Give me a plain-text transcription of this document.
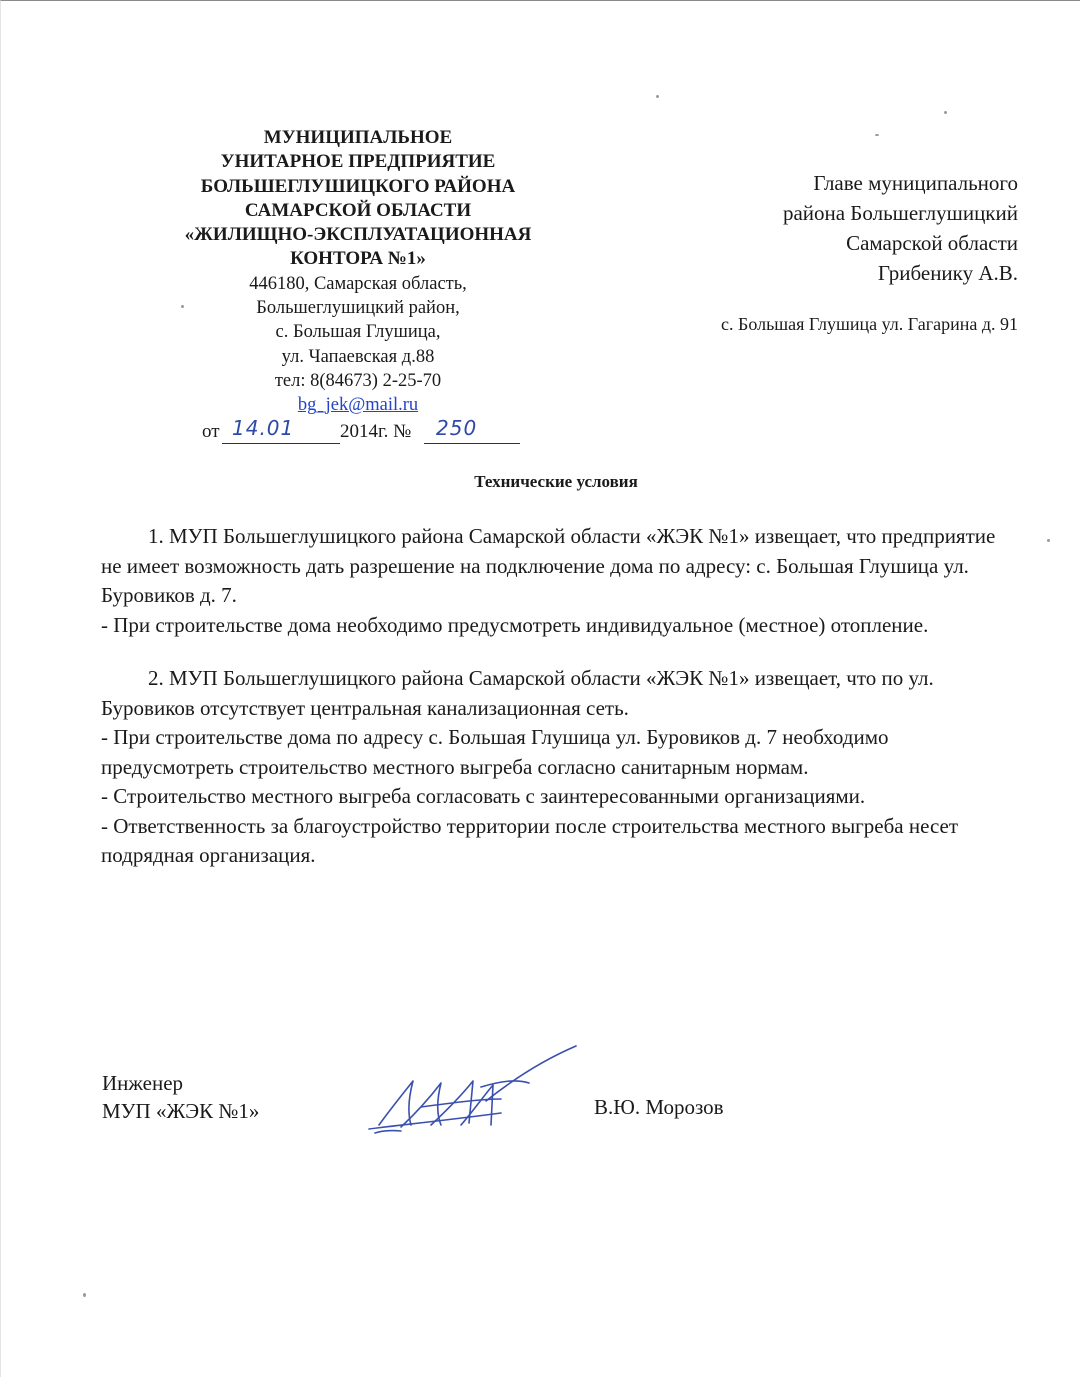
МУНИЦИПАЛЬНОЕ
УНИТАРНОЕ ПРЕДПРИЯТИЕ
БОЛЬШЕГЛУШИЦКОГО РАЙОНА
САМАРСКОЙ ОБЛАСТИ
«ЖИЛИЩНО-ЭКСПЛУАТАЦИОННАЯ
КОНТОРА №1»
446180, Самарская область,
Большеглушицкий район,
с. Большая Глушица,
ул. Чапаевская д.88
тел: 8(84673) 2-25-70
bg_jek@mail.ru
от 14.01 2014г. № 250
Главе муниципального
района Большеглушицкий
Самарской области
Грибенику А.В.
с. Большая Глушица ул. Гагарина д. 91
Технические условия

1. МУП Большеглушицкого района Самарской области «ЖЭК №1» извещает, что предприятие не имеет возможность дать разрешение на подключение дома по адресу: с. Большая Глушица ул. Буровиков д. 7.

- При строительстве дома необходимо предусмотреть индивидуальное (местное) отопление.

2. МУП Большеглушицкого района Самарской области «ЖЭК №1» извещает, что по ул. Буровиков отсутствует центральная канализационная сеть.

- При строительстве дома по адресу с. Большая Глушица ул. Буровиков д. 7 необходимо предусмотреть строительство местного выгреба согласно санитарным нормам.

- Строительство местного выгреба согласовать с заинтересованными организациями.

- Ответственность за благоустройство территории после строительства местного выгреба несет подрядная организация.

Инженер
МУП «ЖЭК №1»	В.Ю. Морозов
